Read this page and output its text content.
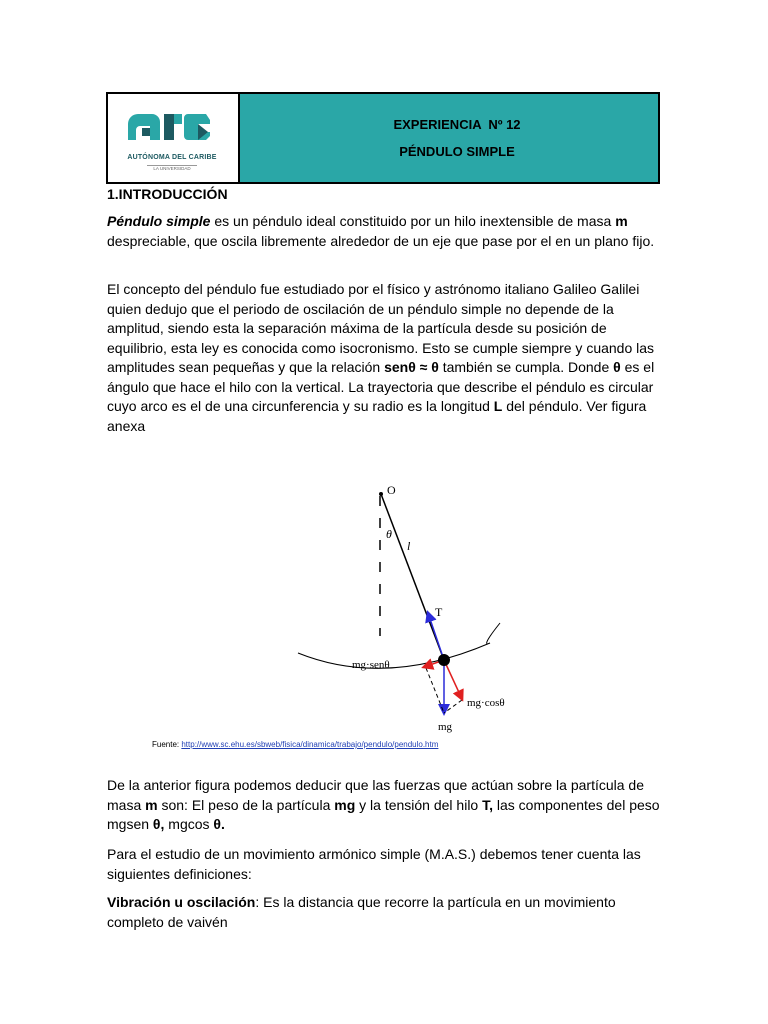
AUTÓNOMA DEL CARIBE
LA UNIVERSIDAD
EXPERIENCIA  Nº 12
PÉNDULO SIMPLE
1.INTRODUCCIÓN

Péndulo simple es un péndulo ideal constituido por un hilo inextensible de masa m despreciable, que oscila libremente alrededor de un eje que pase por el en un plano fijo.

El concepto del péndulo fue estudiado por el físico y astrónomo italiano Galileo Galilei quien dedujo que el periodo de oscilación de un péndulo simple no depende de la amplitud, siendo esta la separación máxima de la partícula desde su posición de equilibrio, esta ley es conocida como isocronismo. Esto se cumple siempre y cuando las amplitudes sean pequeñas y que la relación senθ ≈ θ también se cumpla. Donde θ es el ángulo que hace el hilo con la vertical. La trayectoria que describe el péndulo es circular cuyo arco es el de una circunferencia y su radio es la longitud L del péndulo. Ver figura anexa

O
θ
l
T
mg
mg·senθ
mg·cosθ
Fuente: http://www.sc.ehu.es/sbweb/fisica/dinamica/trabajo/pendulo/pendulo.htm

De la anterior figura podemos deducir que las fuerzas que actúan sobre la partícula de masa m son: El peso de la partícula mg y la tensión del hilo T, las componentes del peso mgsen θ, mgcos θ.

Para el estudio de un movimiento armónico simple (M.A.S.) debemos tener cuenta las siguientes definiciones:

Vibración u oscilación: Es la distancia que recorre la partícula en un movimiento completo de vaivén
